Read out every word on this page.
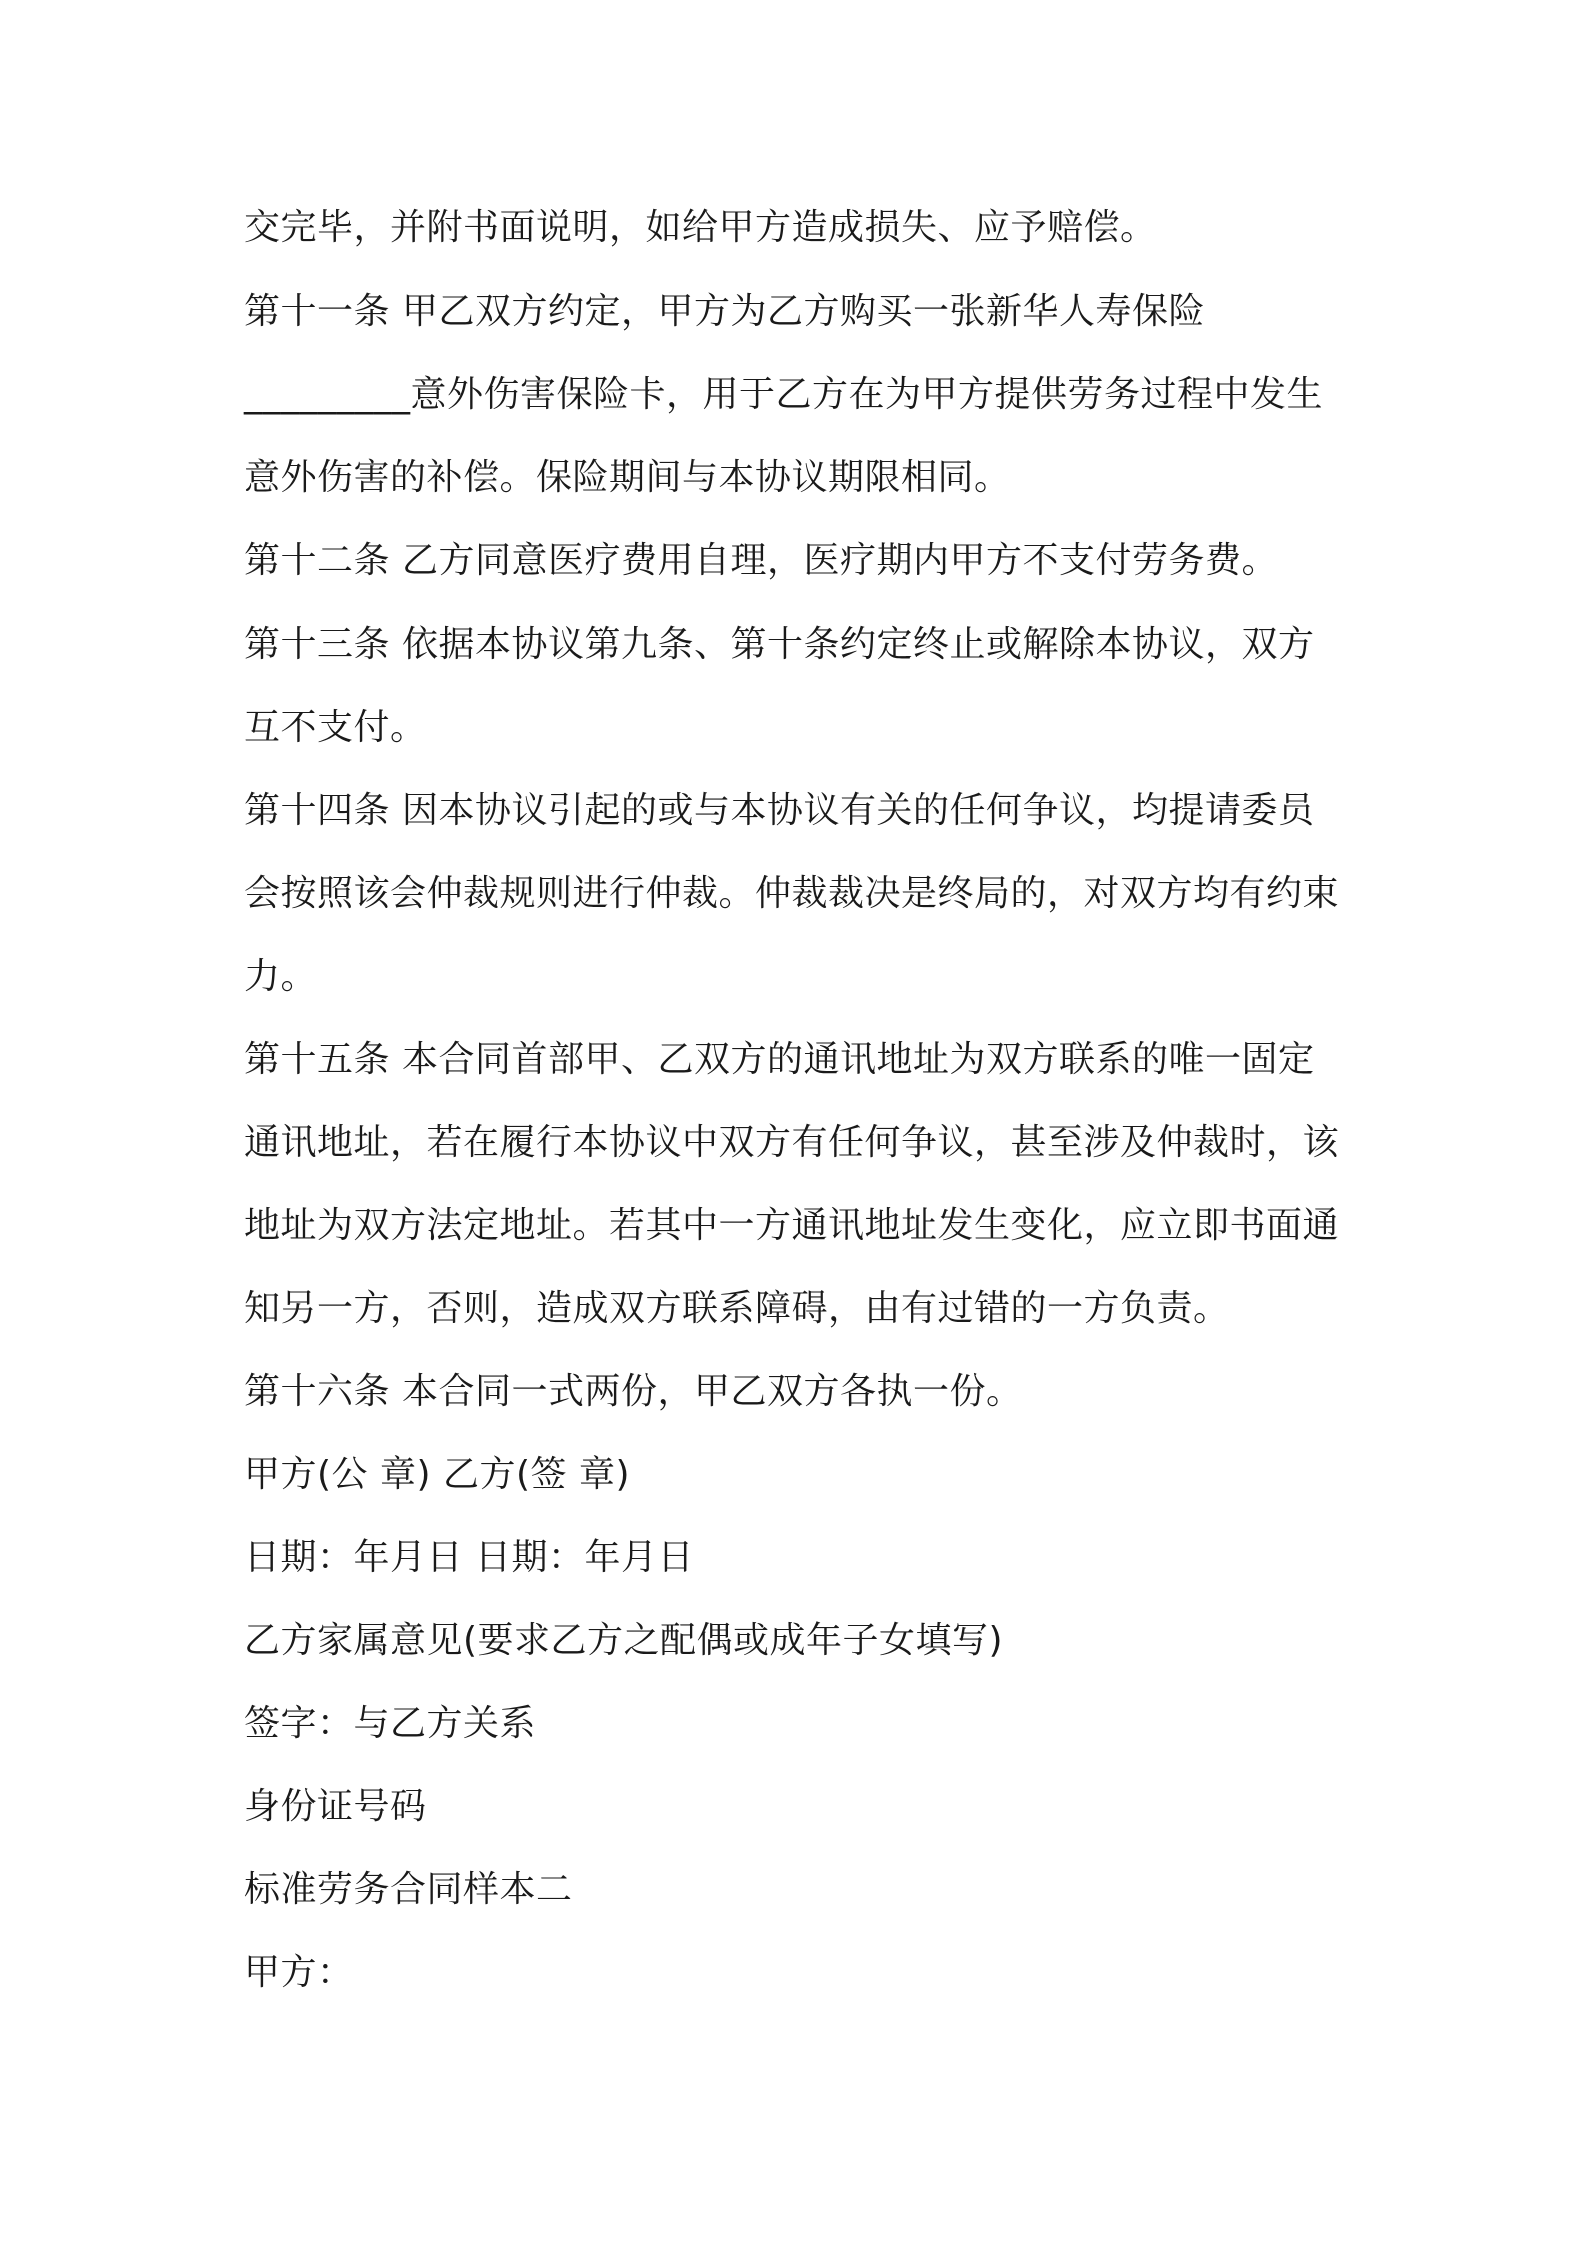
交完毕，并附书面说明，如给甲方造成损失、应予赔偿。
第十一条 甲乙双方约定，甲方为乙方购买一张新华人寿保险
_________意外伤害保险卡，用于乙方在为甲方提供劳务过程中发生
意外伤害的补偿。保险期间与本协议期限相同。
第十二条 乙方同意医疗费用自理，医疗期内甲方不支付劳务费。
第十三条 依据本协议第九条、第十条约定终止或解除本协议，双方
互不支付。
第十四条 因本协议引起的或与本协议有关的任何争议，均提请委员
会按照该会仲裁规则进行仲裁。仲裁裁决是终局的，对双方均有约束
力。
第十五条 本合同首部甲、乙双方的通讯地址为双方联系的唯一固定
通讯地址，若在履行本协议中双方有任何争议，甚至涉及仲裁时，该
地址为双方法定地址。若其中一方通讯地址发生变化，应立即书面通
知另一方，否则，造成双方联系障碍，由有过错的一方负责。
第十六条 本合同一式两份，甲乙双方各执一份。
甲方(公 章) 乙方(签 章)
日期：年月日 日期：年月日
乙方家属意见(要求乙方之配偶或成年子女填写)
签字：与乙方关系
身份证号码
标准劳务合同样本二
甲方：
